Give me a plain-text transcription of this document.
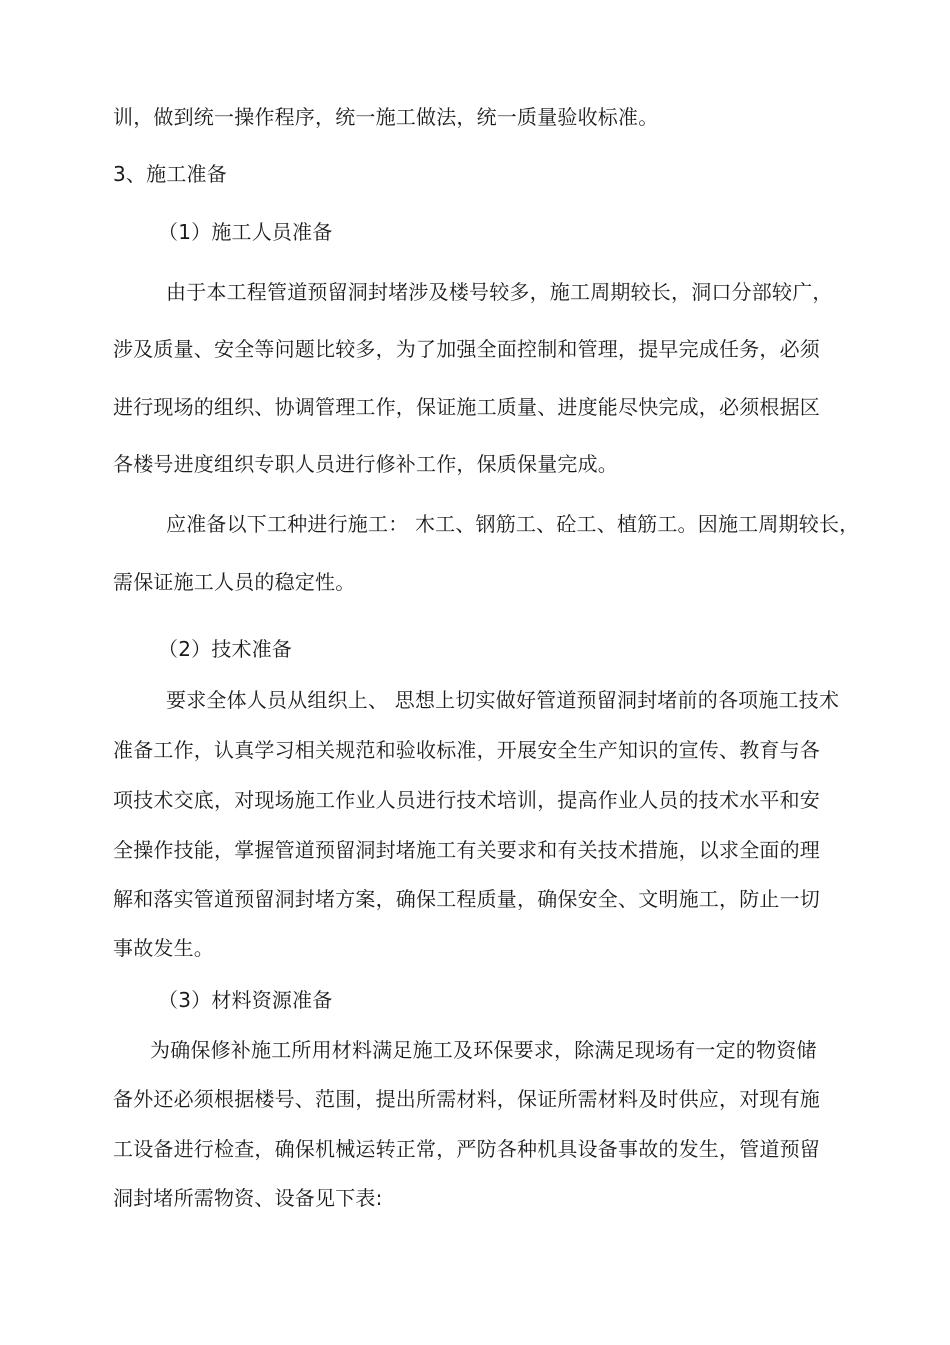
训，做到统一操作程序，统一施工做法，统一质量验收标准。

3、施工准备

（1）施工人员准备

由于本工程管道预留洞封堵涉及楼号较多，施工周期较长，洞口分部较广，

涉及质量、安全等问题比较多，为了加强全面控制和管理，提早完成任务，必须

进行现场的组织、协调管理工作，保证施工质量、进度能尽快完成，必须根据区

各楼号进度组织专职人员进行修补工作，保质保量完成。

应准备以下工种进行施工： 木工、钢筋工、砼工、植筋工。因施工周期较长，

需保证施工人员的稳定性。

（2）技术准备

要求全体人员从组织上、 思想上切实做好管道预留洞封堵前的各项施工技术

准备工作，认真学习相关规范和验收标准，开展安全生产知识的宣传、教育与各

项技术交底，对现场施工作业人员进行技术培训，提高作业人员的技术水平和安

全操作技能，掌握管道预留洞封堵施工有关要求和有关技术措施，以求全面的理

解和落实管道预留洞封堵方案，确保工程质量，确保安全、文明施工，防止一切

事故发生。

（3）材料资源准备

为确保修补施工所用材料满足施工及环保要求，除满足现场有一定的物资储

备外还必须根据楼号、范围，提出所需材料，保证所需材料及时供应，对现有施

工设备进行检查，确保机械运转正常，严防各种机具设备事故的发生，管道预留

洞封堵所需物资、设备见下表:
